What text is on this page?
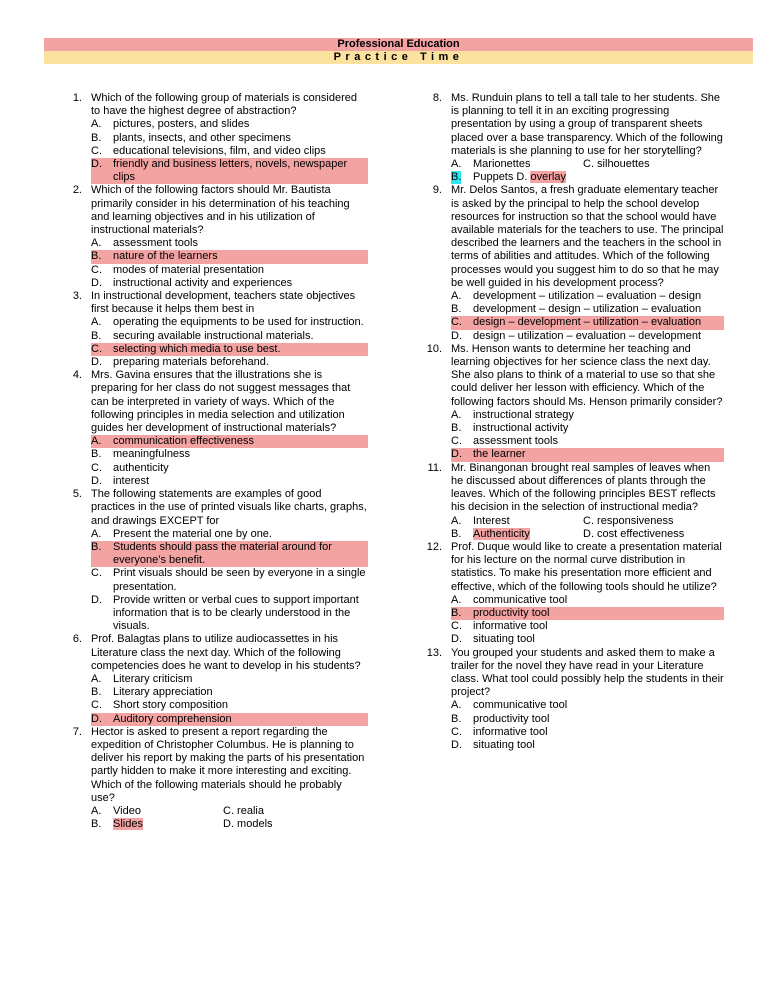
Professional Education
Practice Time
1. Which of the following group of materials is considered to have the highest degree of abstraction?
A. pictures, posters, and slides
B. plants, insects, and other specimens
C. educational televisions, film, and video clips
D. friendly and business letters, novels, newspaper clips
2. Which of the following factors should Mr. Bautista primarily consider in his determination of his teaching and learning objectives and in his utilization of instructional materials?
A. assessment tools
B. nature of the learners
C. modes of material presentation
D. instructional activity and experiences
3. In instructional development, teachers state objectives first because it helps them best in
A. operating the equipments to be used for instruction.
B. securing available instructional materials.
C. selecting which media to use best.
D. preparing materials beforehand.
4. Mrs. Gavina ensures that the illustrations she is preparing for her class do not suggest messages that can be interpreted in variety of ways. Which of the following principles in media selection and utilization guides her development of instructional materials?
A. communication effectiveness
B. meaningfulness
C. authenticity
D. interest
5. The following statements are examples of good practices in the use of printed visuals like charts, graphs, and drawings EXCEPT for
A. Present the material one by one.
B. Students should pass the material around for everyone’s benefit.
C. Print visuals should be seen by everyone in a single presentation.
D. Provide written or verbal cues to support important information that is to be clearly understood in the visuals.
6. Prof. Balagtas plans to utilize audiocassettes in his Literature class the next day. Which of the following competencies does he want to develop in his students?
A. Literary criticism
B. Literary appreciation
C. Short story composition
D. Auditory comprehension
7. Hector is asked to present a report regarding the expedition of Christopher Columbus. He is planning to deliver his report by making the parts of his presentation partly hidden to make it more interesting and exciting. Which of the following materials should he probably use?
A. Video	C. realia
B. Slides	D. models
8. Ms. Runduin plans to tell a tall tale to her students. She is planning to tell it in an exciting progressing presentation by using a group of transparent sheets placed over a base transparency. Which of the following materials is she planning to use for her storytelling?
A. Marionettes	C. silhouettes
B. Puppets D. overlay
9. Mr. Delos Santos, a fresh graduate elementary teacher is asked by the principal to help the school develop resources for instruction so that the school would have available materials for the teachers to use. The principal described the learners and the teachers in the school in terms of abilities and attitudes. Which of the following processes would you suggest him to do so that he may be well guided in his development process?
A. development – utilization – evaluation – design
B. development – design – utilization – evaluation
C. design – development – utilization – evaluation
D. design – utilization – evaluation – development
10. Ms. Henson wants to determine her teaching and learning objectives for her science class the next day. She also plans to think of a material to use so that she could deliver her lesson with efficiency. Which of the following factors should Ms. Henson primarily consider?
A. instructional strategy
B. instructional activity
C. assessment tools
D. the learner
11. Mr. Binangonan brought real samples of leaves when he discussed about differences of plants through the leaves. Which of the following principles BEST reflects his decision in the selection of instructional media?
A. Interest	C. responsiveness
B. Authenticity	D. cost effectiveness
12. Prof. Duque would like to create a presentation material for his lecture on the normal curve distribution in statistics. To make his presentation more efficient and effective, which of the following tools should he utilize?
A. communicative tool
B. productivity tool
C. informative tool
D. situating tool
13. You grouped your students and asked them to make a trailer for the novel they have read in your Literature class. What tool could possibly help the students in their project?
A. communicative tool
B. productivity tool
C. informative tool
D. situating tool
